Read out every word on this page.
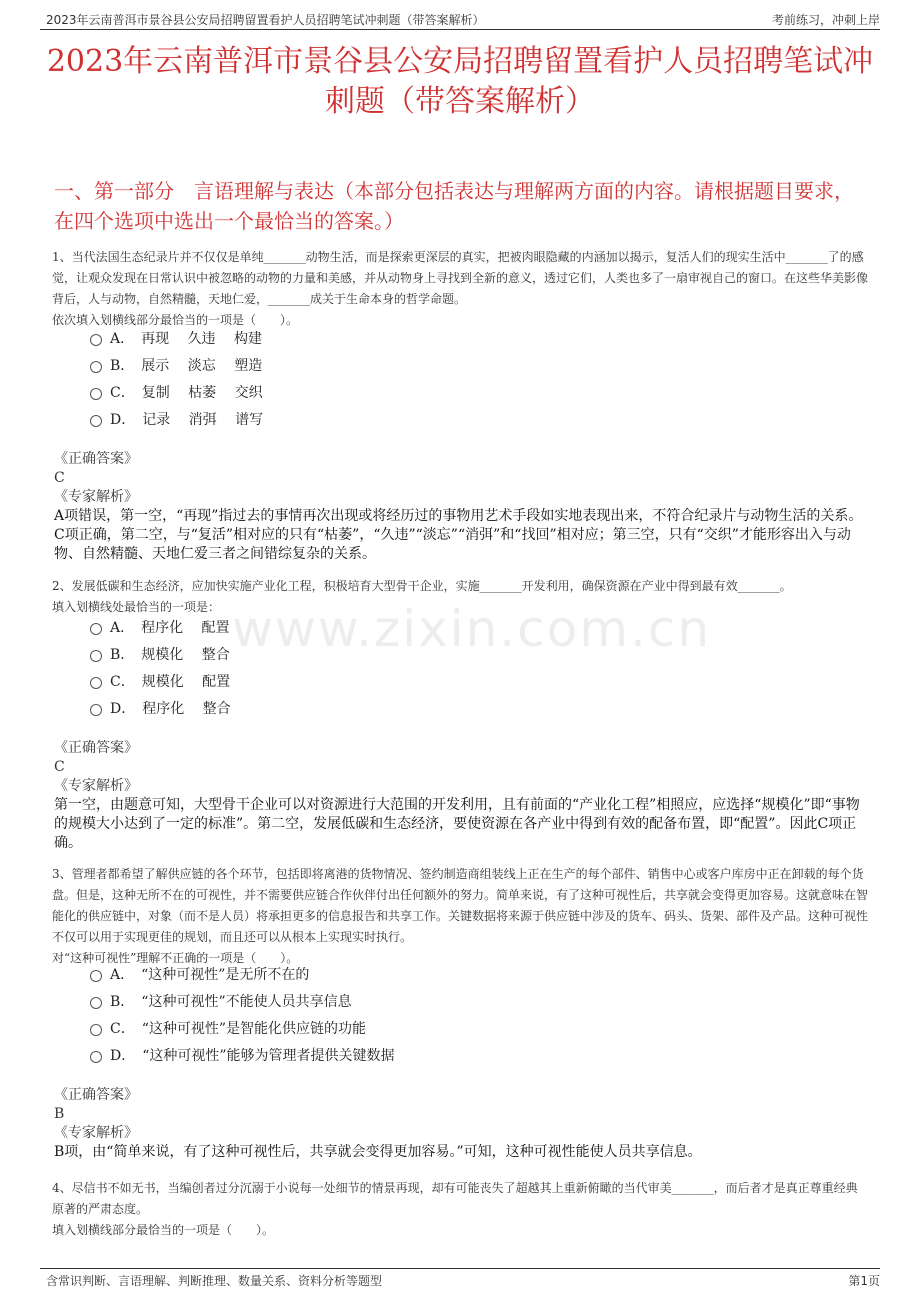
2023年云南普洱市景谷县公安局招聘留置看护人员招聘笔试冲刺题（带答案解析）	考前练习，冲刺上岸
2023年云南普洱市景谷县公安局招聘留置看护人员招聘笔试冲
刺题（带答案解析）
一、第一部分　言语理解与表达（本部分包括表达与理解两方面的内容。请根据题目要求，在四个选项中选出一个最恰当的答案。）
www.zixin.com.cn
1、当代法国生态纪录片并不仅仅是单纯_______动物生活，而是探索更深层的真实，把被肉眼隐藏的内涵加以揭示，复活人们的现实生活中_______了的感觉，让观众发现在日常认识中被忽略的动物的力量和美感，并从动物身上寻找到全新的意义，透过它们，人类也多了一扇审视自己的窗口。在这些华美影像背后，人与动物，自然精髓，天地仁爱，_______成关于生命本身的哲学命题。
依次填入划横线部分最恰当的一项是（　　）。
A．　再现　 久违　 构建
B．　展示　 淡忘　 塑造
C．　复制　 枯萎　 交织
D．　记录　 消弭　 谱写
《正确答案》
C
《专家解析》
A项错误，第一空，“再现”指过去的事情再次出现或将经历过的事物用艺术手段如实地表现出来，不符合纪录片与动物生活的关系。C项正确，第二空，与“复活”相对应的只有“枯萎”，“久违”“淡忘”“消弭”和“找回”相对应；第三空，只有“交织”才能形容出入与动物、自然精髓、天地仁爱三者之间错综复杂的关系。
2、发展低碳和生态经济，应加快实施产业化工程，积极培育大型骨干企业，实施_______开发利用，确保资源在产业中得到最有效_______。
填入划横线处最恰当的一项是：
A．　程序化　 配置
B．　规模化　 整合
C．　规模化　 配置
D．　程序化　 整合
《正确答案》
C
《专家解析》
第一空，由题意可知，大型骨干企业可以对资源进行大范围的开发利用，且有前面的“产业化工程”相照应，应选择“规模化”即“事物的规模大小达到了一定的标准”。第二空，发展低碳和生态经济，要使资源在各产业中得到有效的配备布置，即“配置”。因此C项正确。
3、管理者都希望了解供应链的各个环节，包括即将离港的货物情况、签约制造商组装线上正在生产的每个部件、销售中心或客户库房中正在卸载的每个货盘。但是，这种无所不在的可视性，并不需要供应链合作伙伴付出任何额外的努力。简单来说，有了这种可视性后，共享就会变得更加容易。这就意味在智能化的供应链中，对象（而不是人员）将承担更多的信息报告和共享工作。关键数据将来源于供应链中涉及的货车、码头、货架、部件及产品。这种可视性不仅可以用于实现更佳的规划，而且还可以从根本上实现实时执行。
对“这种可视性”理解不正确的一项是（　　）。
A．　“这种可视性”是无所不在的
B．　“这种可视性”不能使人员共享信息
C．　“这种可视性”是智能化供应链的功能
D．　“这种可视性”能够为管理者提供关键数据
《正确答案》
B
《专家解析》
B项，由“简单来说，有了这种可视性后，共享就会变得更加容易。”可知，这种可视性能使人员共享信息。
4、尽信书不如无书，当编创者过分沉溺于小说每一处细节的情景再现，却有可能丧失了超越其上重新俯瞰的当代审美_______，而后者才是真正尊重经典原著的严肃态度。
填入划横线部分最恰当的一项是（　　）。
含常识判断、言语理解、判断推理、数量关系、资料分析等题型	第1页
